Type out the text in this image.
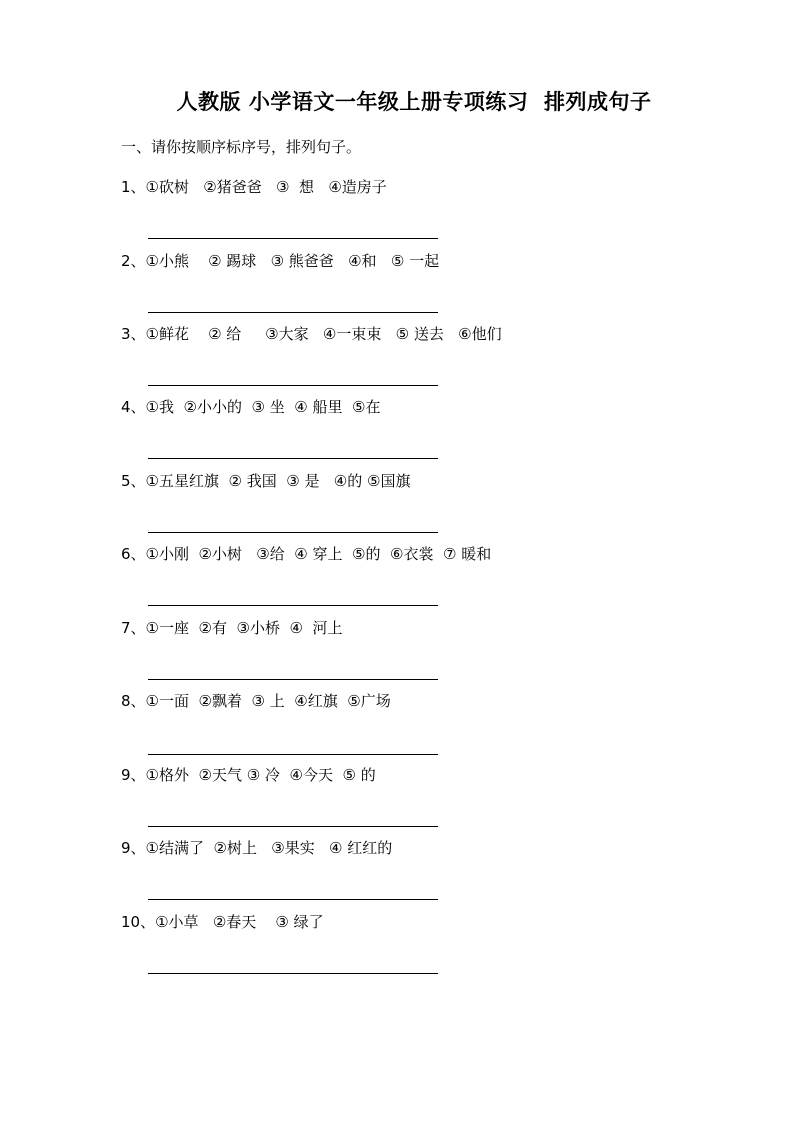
人教版 小学语文一年级上册专项练习  排列成句子
一、请你按顺序标序号，排列句子。
1、①砍树   ②猪爸爸   ③  想   ④造房子
2、①小熊    ② 踢球   ③ 熊爸爸   ④和   ⑤ 一起
3、①鲜花    ② 给     ③大家   ④一束束   ⑤ 送去   ⑥他们
4、①我  ②小小的  ③ 坐  ④ 船里  ⑤在
5、①五星红旗  ② 我国  ③ 是   ④的 ⑤国旗
6、①小刚  ②小树   ③给  ④ 穿上  ⑤的  ⑥衣裳  ⑦ 暖和
7、①一座  ②有  ③小桥  ④  河上
8、①一面  ②飘着  ③ 上  ④红旗  ⑤广场
9、①格外  ②天气 ③ 冷  ④今天  ⑤ 的
9、①结满了  ②树上   ③果实   ④ 红红的
10、①小草   ②春天    ③ 绿了
